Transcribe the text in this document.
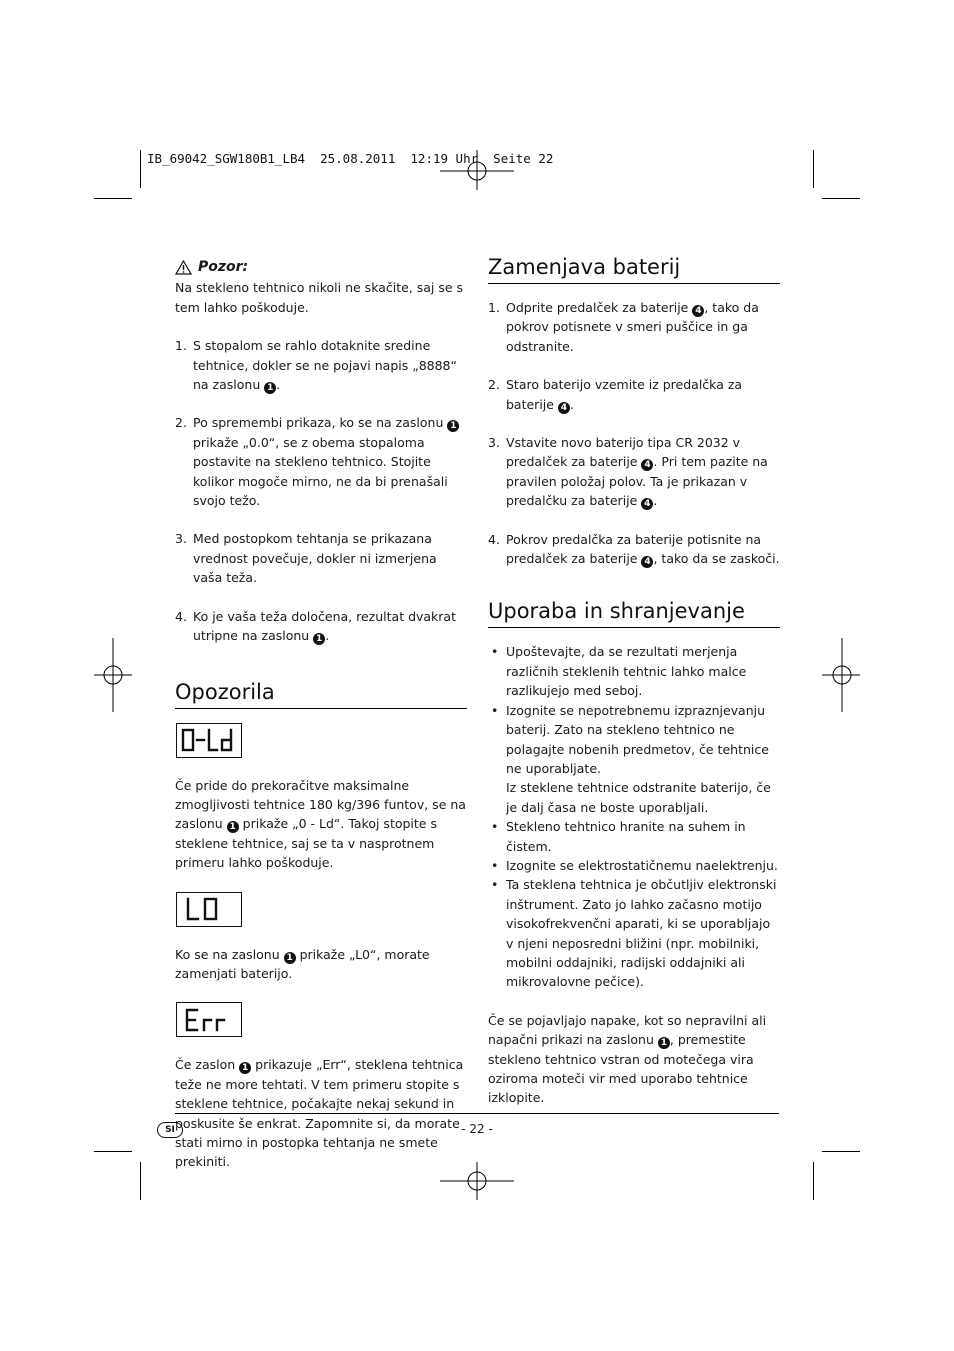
IB_69042_SGW180B1_LB4  25.08.2011  12:19 Uhr  Seite 22
Pozor:

Na stekleno tehtnico nikoli ne skačite, saj se s tem lahko poškoduje.

1. S stopalom se rahlo dotaknite sredine tehtnice, dokler se ne pojavi napis „8888“ na zaslonu 1 .
2. Po spremembi prikaza, ko se na zaslonu 1 prikaže „0.0“, se z obema stopaloma postavite na stekleno tehtnico. Stojite kolikor mogoče mirno, ne da bi prenašali svojo težo.
3. Med postopkom tehtanja se prikazana vrednost povečuje, dokler ni izmerjena vaša teža.
4. Ko je vaša teža določena, rezultat dvakrat utripne na zaslonu 1 .
Opozorila

Če pride do prekoračitve maksimalne zmogljivosti tehtnice 180 kg/396 funtov, se na zaslonu 1 prikaže „0 - Ld“. Takoj stopite s steklene tehtnice, saj se ta v nasprotnem primeru lahko poškoduje.

Ko se na zaslonu 1 prikaže „L0“, morate zamenjati baterijo.

Če zaslon 1 prikazuje „Err“, steklena tehtnica teže ne more tehtati. V tem primeru stopite s steklene tehtnice, počakajte nekaj sekund in poskusite še enkrat. Zapomnite si, da morate stati mirno in postopka tehtanja ne smete prekiniti.

Zamenjava baterij
1. Odprite predalček za baterije 4 , tako da pokrov potisnete v smeri puščice in ga odstranite.
2. Staro baterijo vzemite iz predalčka za baterije 4 .
3. Vstavite novo baterijo tipa CR 2032 v predalček za baterije 4 . Pri tem pazite na pravilen položaj polov. Ta je prikazan v predalčku za baterije 4 .
4. Pokrov predalčka za baterije potisnite na predalček za baterije 4 , tako da se zaskoči.
Uporaba in shranjevanje
• Upoštevajte, da se rezultati merjenja različnih steklenih tehtnic lahko malce razlikujejo med seboj.
• Izognite se nepotrebnemu izpraznjevanju baterij. Zato na stekleno tehtnico ne polagajte nobenih predmetov, če tehtnice ne uporabljate.
Iz steklene tehtnice odstranite baterijo, če je dalj časa ne boste uporabljali.
• Stekleno tehtnico hranite na suhem in čistem.
• Izognite se elektrostatičnemu naelektrenju.
• Ta steklena tehtnica je občutljiv elektronski inštrument. Zato jo lahko začasno motijo visokofrekvenčni aparati, ki se uporabljajo v njeni neposredni bližini (npr. mobilniki, mobilni oddajniki, radijski oddajniki ali mikrovalovne pečice).

Če se pojavljajo napake, kot so nepravilni ali napačni prikazi na zaslonu 1 , premestite stekleno tehtnico vstran od motečega vira oziroma moteči vir med uporabo tehtnice izklopite.

SI	- 22 -
